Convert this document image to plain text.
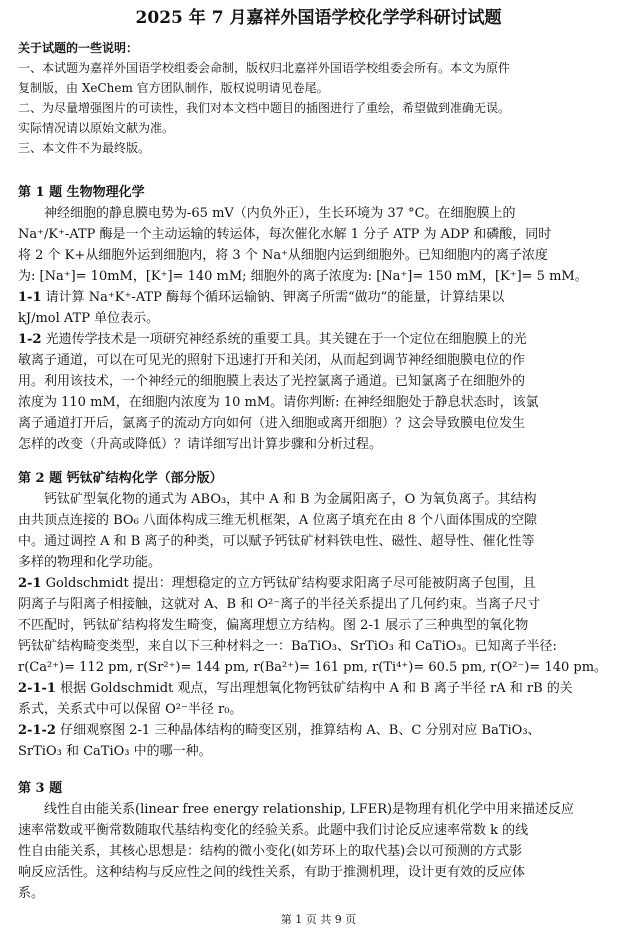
2025 年 7 月嘉祥外国语学校化学学科研讨试题
关于试题的一些说明：
一、本试题为嘉祥外国语学校组委会命制，版权归北嘉祥外国语学校组委会所有。本文为原件
复制版，由 XeChem 官方团队制作，版权说明请见卷尾。
二、为尽量增强图片的可读性，我们对本文档中题目的插图进行了重绘，希望做到准确无误。
实际情况请以原始文献为准。
三、本文件不为最终版。
第 1 题 生物物理化学
神经细胞的静息膜电势为-65 mV（内负外正），生长环境为 37 °C。在细胞膜上的
Na⁺/K⁺-ATP 酶是一个主动运输的转运体，每次催化水解 1 分子 ATP 为 ADP 和磷酸，同时
将 2 个 K+从细胞外运到细胞内，将 3 个 Na⁺从细胞内运到细胞外。已知细胞内的离子浓度
为: [Na⁺]= 10mM，[K⁺]= 140 mM; 细胞外的离子浓度为: [Na⁺]= 150 mM，[K⁺]= 5 mM。
1-1 请计算 Na⁺K⁺-ATP 酶每个循环运输钠、钾离子所需“做功”的能量，计算结果以
kJ/mol ATP 单位表示。
1-2 光遗传学技术是一项研究神经系统的重要工具。其关键在于一个定位在细胞膜上的光
敏离子通道，可以在可见光的照射下迅速打开和关闭，从而起到调节神经细胞膜电位的作
用。利用该技术，一个神经元的细胞膜上表达了光控氯离子通道。已知氯离子在细胞外的
浓度为 110 mM，在细胞内浓度为 10 mM。请你判断: 在神经细胞处于静息状态时，该氯
离子通道打开后，氯离子的流动方向如何（进入细胞或离开细胞）？这会导致膜电位发生
怎样的改变（升高或降低）？请详细写出计算步骤和分析过程。
第 2 题 钙钛矿结构化学（部分版）
钙钛矿型氧化物的通式为 ABO₃，其中 A 和 B 为金属阳离子，O 为氧负离子。其结构
由共顶点连接的 BO₆ 八面体构成三维无机框架，A 位离子填充在由 8 个八面体围成的空隙
中。通过调控 A 和 B 离子的种类，可以赋予钙钛矿材料铁电性、磁性、超导性、催化性等
多样的物理和化学功能。
2-1 Goldschmidt 提出：理想稳定的立方钙钛矿结构要求阳离子尽可能被阴离子包围，且
阴离子与阳离子相接触，这就对 A、B 和 O²⁻离子的半径关系提出了几何约束。当离子尺寸
不匹配时，钙钛矿结构将发生畸变，偏离理想立方结构。图 2-1 展示了三种典型的氧化物
钙钛矿结构畸变类型，来自以下三种材料之一：BaTiO₃、SrTiO₃ 和 CaTiO₃。已知离子半径:
r(Ca²⁺)= 112 pm, r(Sr²⁺)= 144 pm, r(Ba²⁺)= 161 pm, r(Ti⁴⁺)= 60.5 pm, r(O²⁻)= 140 pm。
2-1-1 根据 Goldschmidt 观点，写出理想氧化物钙钛矿结构中 A 和 B 离子半径 rA 和 rB 的关
系式，关系式中可以保留 O²⁻半径 r₀。
2-1-2 仔细观察图 2-1 三种晶体结构的畸变区别，推算结构 A、B、C 分别对应 BaTiO₃、
SrTiO₃ 和 CaTiO₃ 中的哪一种。
第 3 题
线性自由能关系(linear free energy relationship, LFER)是物理有机化学中用来描述反应
速率常数或平衡常数随取代基结构变化的经验关系。此题中我们讨论反应速率常数 k 的线
性自由能关系，其核心思想是：结构的微小变化(如芳环上的取代基)会以可预测的方式影
响反应活性。这种结构与反应性之间的线性关系，有助于推测机理，设计更有效的反应体
系。
第 1 页 共 9 页
